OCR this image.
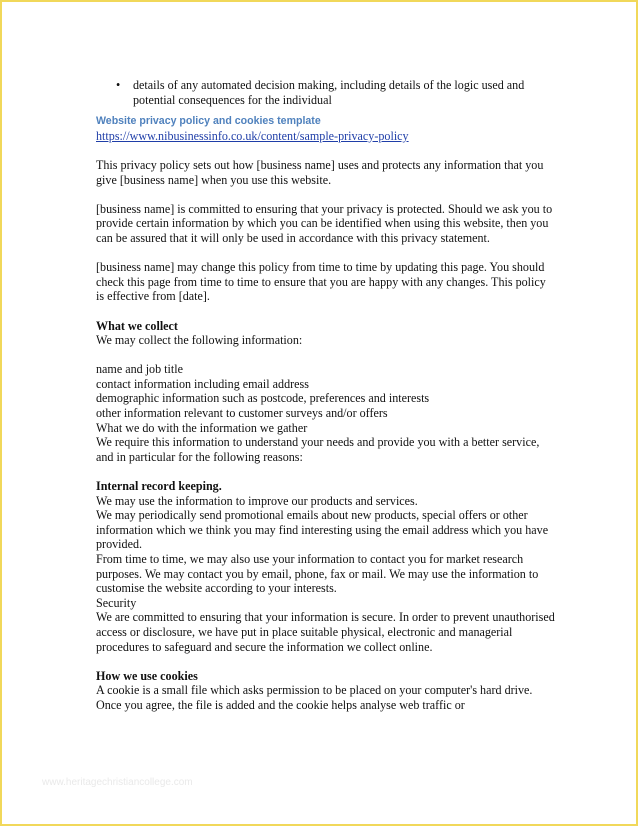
•	details of any automated decision making, including details of the logic used and potential consequences for the individual
Website privacy policy and cookies template
https://www.nibusinessinfo.co.uk/content/sample-privacy-policy

This privacy policy sets out how [business name] uses and protects any information that you give [business name] when you use this website.

[business name] is committed to ensuring that your privacy is protected. Should we ask you to provide certain information by which you can be identified when using this website, then you can be assured that it will only be used in accordance with this privacy statement.

[business name] may change this policy from time to time by updating this page. You should check this page from time to time to ensure that you are happy with any changes. This policy is effective from [date].

What we collect

We may collect the following information:

name and job title

contact information including email address

demographic information such as postcode, preferences and interests

other information relevant to customer surveys and/or offers

What we do with the information we gather

We require this information to understand your needs and provide you with a better service, and in particular for the following reasons:

Internal record keeping.

We may use the information to improve our products and services.

We may periodically send promotional emails about new products, special offers or other information which we think you may find interesting using the email address which you have provided.

From time to time, we may also use your information to contact you for market research purposes. We may contact you by email, phone, fax or mail. We may use the information to customise the website according to your interests.

Security

We are committed to ensuring that your information is secure. In order to prevent unauthorised access or disclosure, we have put in place suitable physical, electronic and managerial procedures to safeguard and secure the information we collect online.

How we use cookies

A cookie is a small file which asks permission to be placed on your computer's hard drive. Once you agree, the file is added and the cookie helps analyse web traffic or

www.heritagechristiancollege.com
